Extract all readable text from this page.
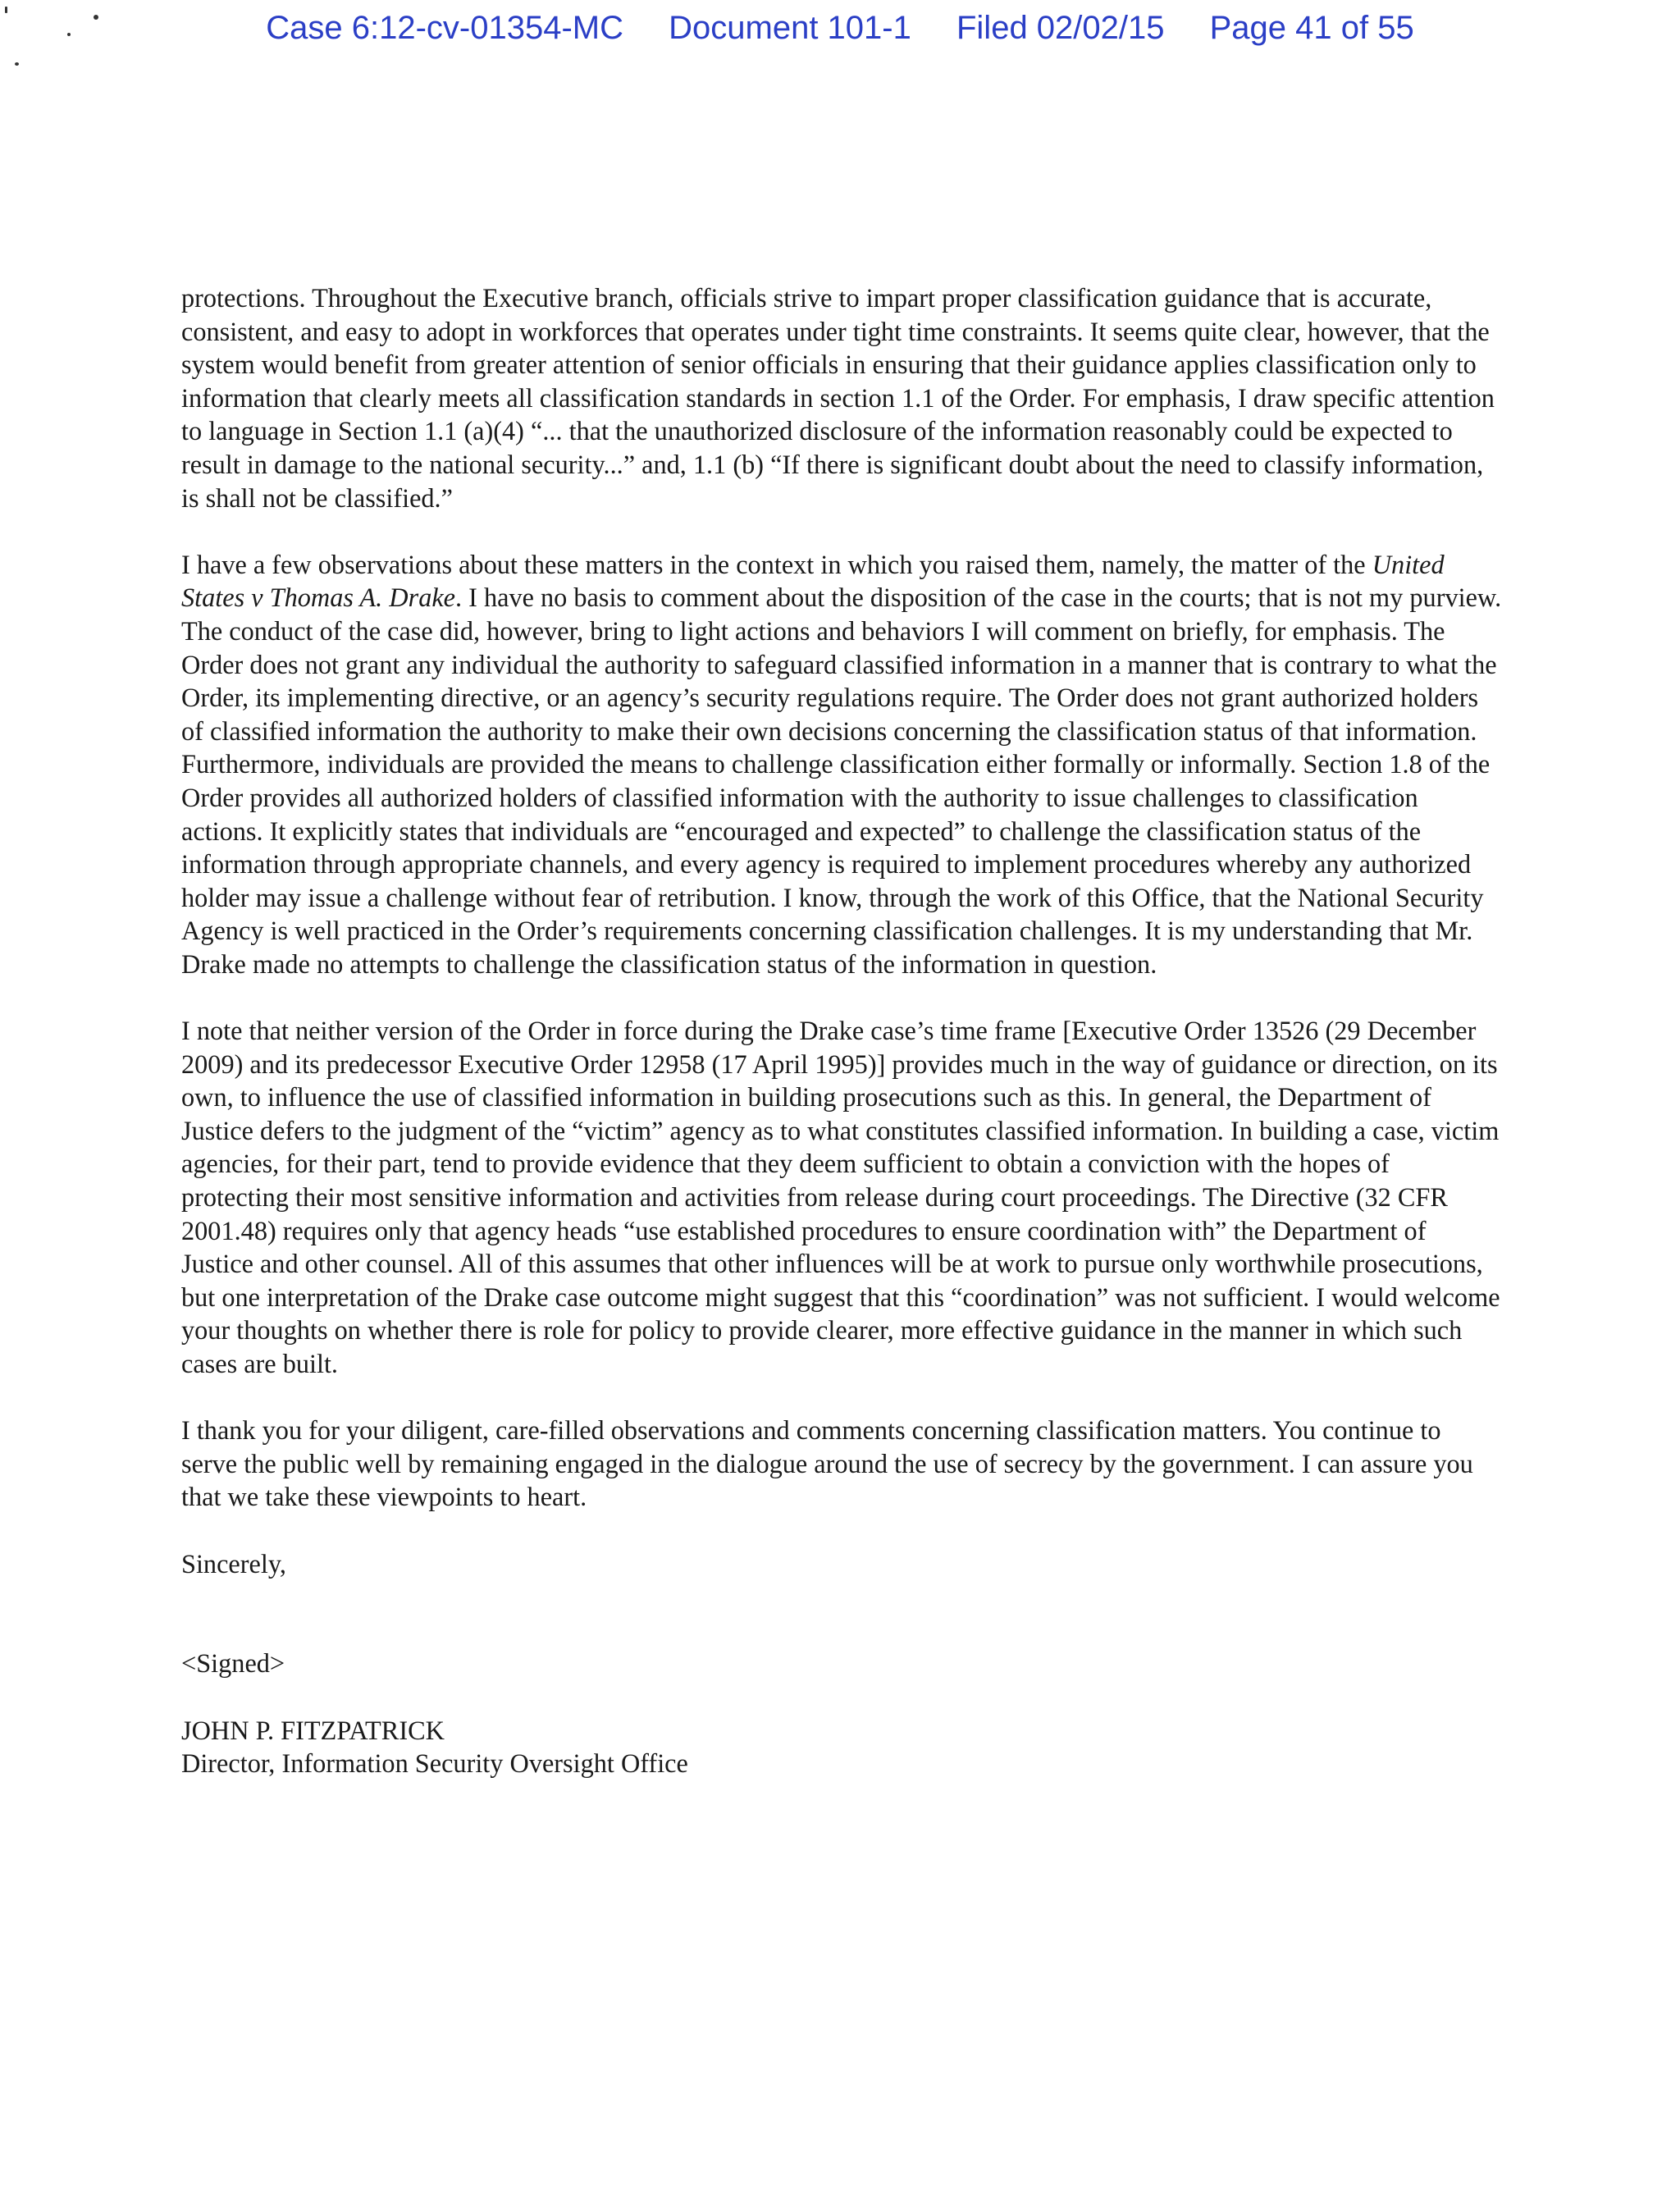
Case 6:12-cv-01354-MC Document 101-1 Filed 02/02/15 Page 41 of 55

protections. Throughout the Executive branch, officials strive to impart proper classification guidance that is accurate, consistent, and easy to adopt in workforces that operates under tight time constraints. It seems quite clear, however, that the system would benefit from greater attention of senior officials in ensuring that their guidance applies classification only to information that clearly meets all classification standards in section 1.1 of the Order. For emphasis, I draw specific attention to language in Section 1.1 (a)(4) “... that the unauthorized disclosure of the information reasonably could be expected to result in damage to the national security...” and, 1.1 (b) “If there is significant doubt about the need to classify information, is shall not be classified.”

I have a few observations about these matters in the context in which you raised them, namely, the matter of the United States v Thomas A. Drake. I have no basis to comment about the disposition of the case in the courts; that is not my purview. The conduct of the case did, however, bring to light actions and behaviors I will comment on briefly, for emphasis. The Order does not grant any individual the authority to safeguard classified information in a manner that is contrary to what the Order, its implementing directive, or an agency’s security regulations require. The Order does not grant authorized holders of classified information the authority to make their own decisions concerning the classification status of that information. Furthermore, individuals are provided the means to challenge classification either formally or informally. Section 1.8 of the Order provides all authorized holders of classified information with the authority to issue challenges to classification actions. It explicitly states that individuals are “encouraged and expected” to challenge the classification status of the information through appropriate channels, and every agency is required to implement procedures whereby any authorized holder may issue a challenge without fear of retribution. I know, through the work of this Office, that the National Security Agency is well practiced in the Order’s requirements concerning classification challenges. It is my understanding that Mr. Drake made no attempts to challenge the classification status of the information in question.

I note that neither version of the Order in force during the Drake case’s time frame [Executive Order 13526 (29 December 2009) and its predecessor Executive Order 12958 (17 April 1995)] provides much in the way of guidance or direction, on its own, to influence the use of classified information in building prosecutions such as this. In general, the Department of Justice defers to the judgment of the “victim” agency as to what constitutes classified information. In building a case, victim agencies, for their part, tend to provide evidence that they deem sufficient to obtain a conviction with the hopes of protecting their most sensitive information and activities from release during court proceedings. The Directive (32 CFR 2001.48) requires only that agency heads “use established procedures to ensure coordination with” the Department of Justice and other counsel. All of this assumes that other influences will be at work to pursue only worthwhile prosecutions, but one interpretation of the Drake case outcome might suggest that this “coordination” was not sufficient. I would welcome your thoughts on whether there is role for policy to provide clearer, more effective guidance in the manner in which such cases are built.

I thank you for your diligent, care-filled observations and comments concerning classification matters. You continue to serve the public well by remaining engaged in the dialogue around the use of secrecy by the government. I can assure you that we take these viewpoints to heart.

Sincerely,

<Signed>

JOHN P. FITZPATRICK

Director, Information Security Oversight Office
